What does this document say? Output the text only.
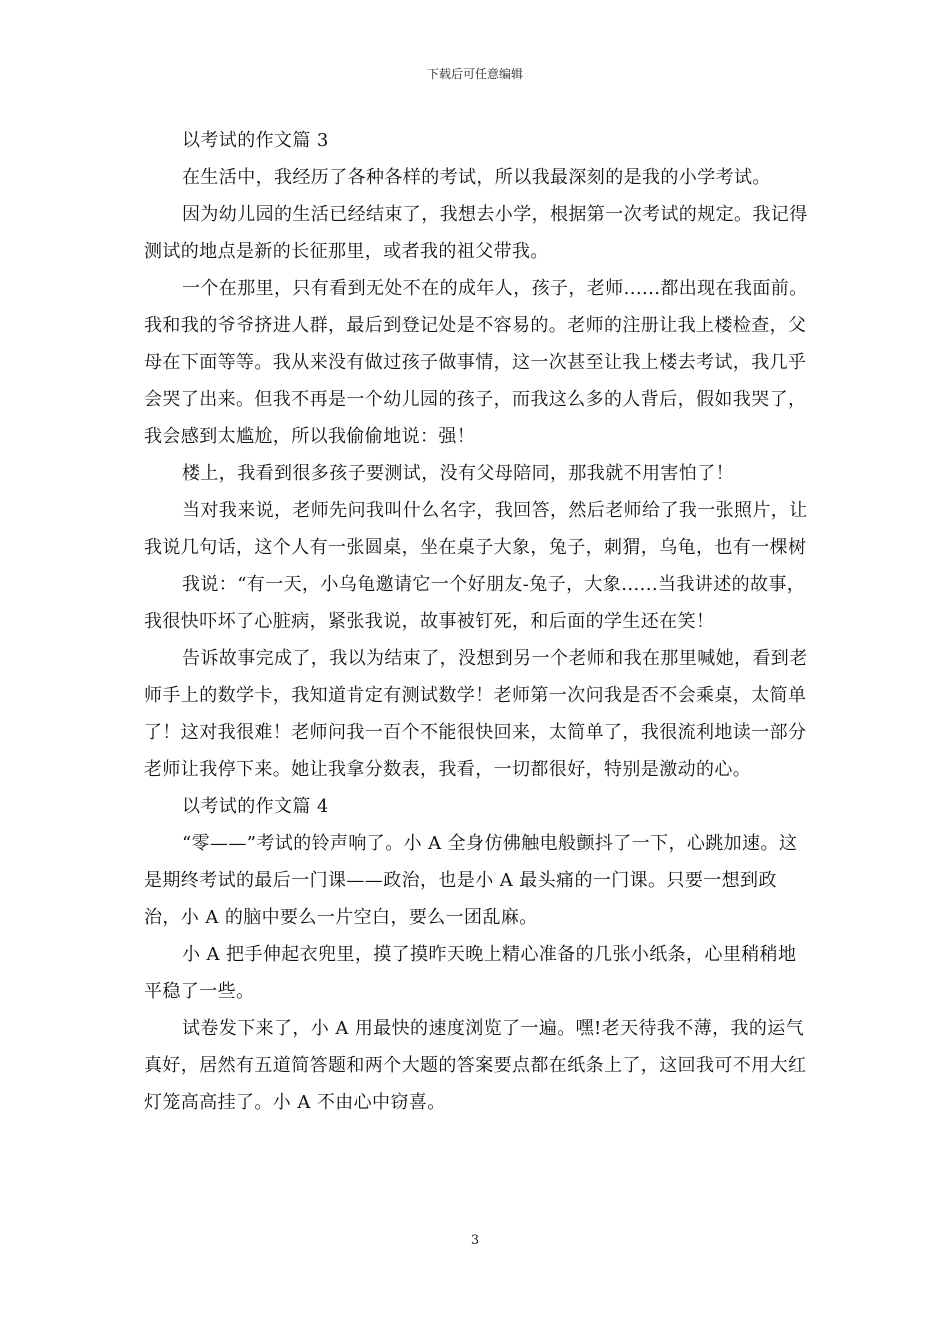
下载后可任意编辑

以考试的作文篇 3

在生活中，我经历了各种各样的考试，所以我最深刻的是我的小学考试。

因为幼儿园的生活已经结束了，我想去小学，根据第一次考试的规定。我记得测试的地点是新的长征那里，或者我的祖父带我。

一个在那里，只有看到无处不在的成年人，孩子，老师......都出现在我面前。我和我的爷爷挤进人群，最后到登记处是不容易的。老师的注册让我上楼检查，父母在下面等等。我从来没有做过孩子做事情，这一次甚至让我上楼去考试，我几乎会哭了出来。但我不再是一个幼儿园的孩子，而我这么多的人背后，假如我哭了，我会感到太尴尬，所以我偷偷地说：强！

楼上，我看到很多孩子要测试，没有父母陪同，那我就不用害怕了！

当对我来说，老师先问我叫什么名字，我回答，然后老师给了我一张照片，让我说几句话，这个人有一张圆桌，坐在桌子大象，兔子，刺猬，乌龟，也有一棵树

我说：“有一天，小乌龟邀请它一个好朋友-兔子，大象......当我讲述的故事，我很快吓坏了心脏病，紧张我说，故事被钉死，和后面的学生还在笑！

告诉故事完成了，我以为结束了，没想到另一个老师和我在那里喊她，看到老师手上的数学卡，我知道肯定有测试数学！老师第一次问我是否不会乘桌，太简单了！这对我很难！老师问我一百个不能很快回来，太简单了，我很流利地读一部分老师让我停下来。她让我拿分数表，我看，一切都很好，特别是激动的心。

以考试的作文篇 4

“零——”考试的铃声响了。小 A 全身仿佛触电般颤抖了一下，心跳加速。这是期终考试的最后一门课——政治，也是小 A 最头痛的一门课。只要一想到政治，小 A 的脑中要么一片空白，要么一团乱麻。

小 A 把手伸起衣兜里，摸了摸昨天晚上精心准备的几张小纸条，心里稍稍地平稳了一些。

试卷发下来了，小 A 用最快的速度浏览了一遍。嘿!老天待我不薄，我的运气真好，居然有五道简答题和两个大题的答案要点都在纸条上了，这回我可不用大红灯笼高高挂了。小 A 不由心中窃喜。

3
